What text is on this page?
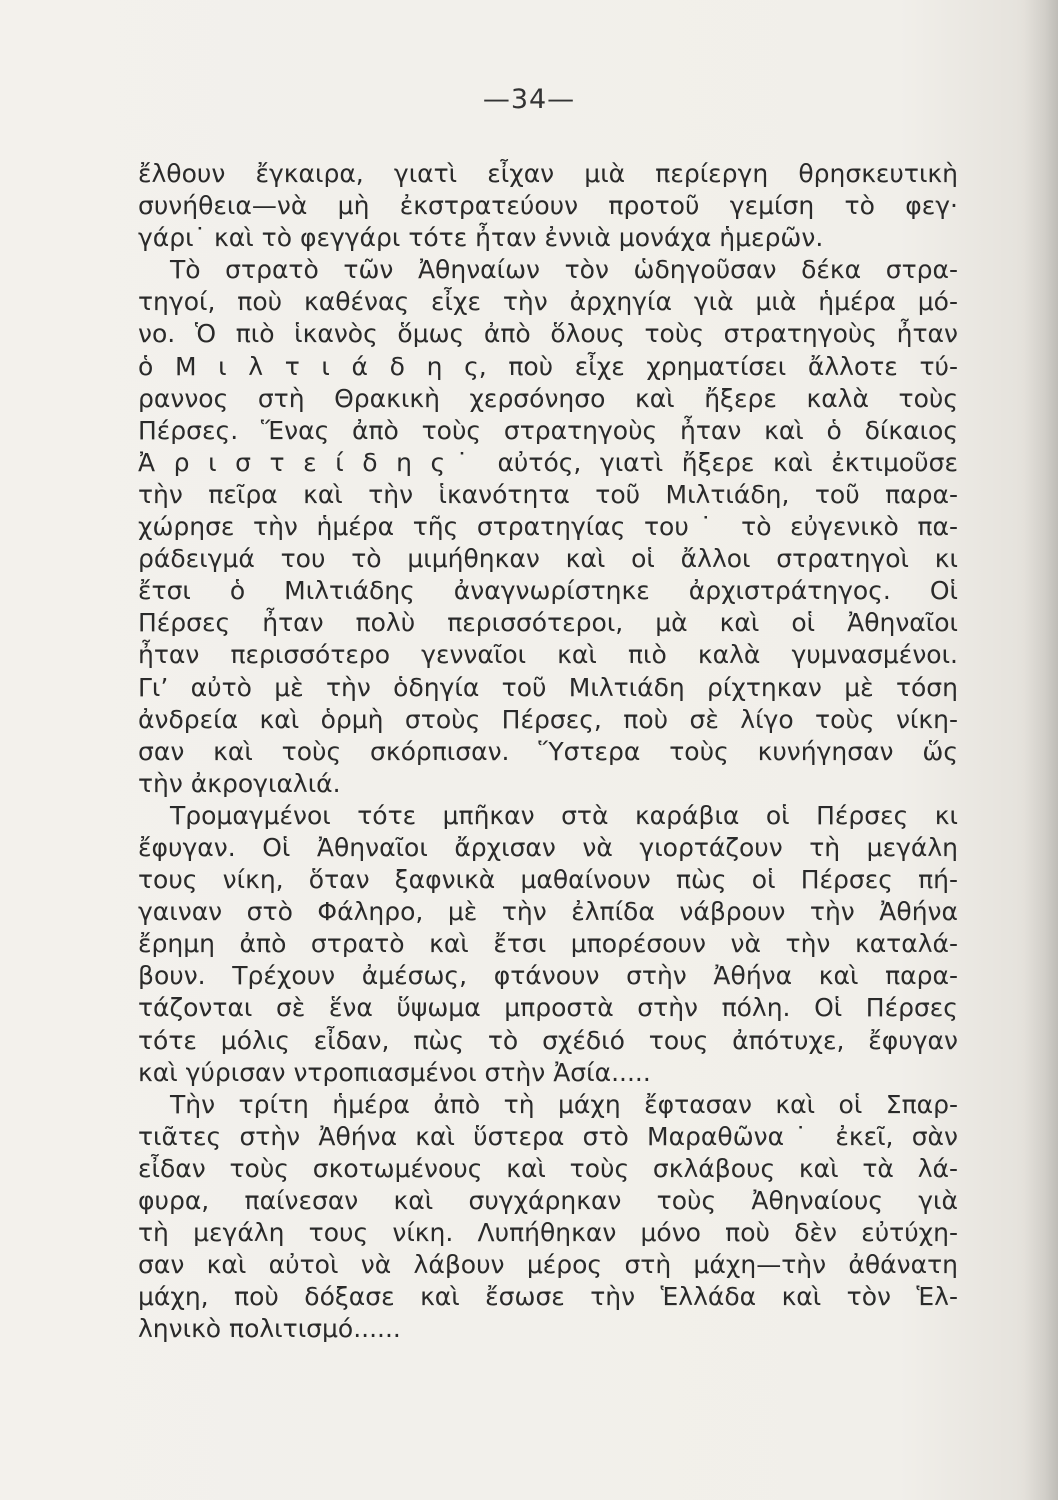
—34—
ἔλθουν ἔγκαιρα, γιατὶ εἶχαν μιὰ περίεργη θρησκευτικὴ
συνήθεια—νὰ μὴ ἐκστρατεύουν προτοῦ γεμίση τὸ φεγ·
γάρι˙ καὶ τὸ φεγγάρι τότε ἦταν ἐννιὰ μονάχα ἡμερῶν.
Τὸ στρατὸ τῶν Ἀθηναίων τὸν ὡδηγοῦσαν δέκα στρα-
τηγοί, ποὺ καθένας εἶχε τὴν ἀρχηγία γιὰ μιὰ ἡμέρα μό-
νο. Ὁ πιὸ ἱκανὸς ὅμως ἀπὸ ὅλους τοὺς στρατηγοὺς ἦταν
ὁ Μ ι λ τ ι ά δ η ς, ποὺ εἶχε χρηματίσει ἄλλοτε τύ-
ραννος στὴ Θρακικὴ χερσόνησο καὶ ἤξερε καλὰ τοὺς
Πέρσες. Ἕνας ἀπὸ τοὺς στρατηγοὺς ἦταν καὶ ὁ δίκαιος
Ἀ ρ ι σ τ ε ί δ η ς˙ αὐτός, γιατὶ ἤξερε καὶ ἐκτιμοῦσε
τὴν πεῖρα καὶ τὴν ἱκανότητα τοῦ Μιλτιάδη, τοῦ παρα-
χώρησε τὴν ἡμέρα τῆς στρατηγίας του˙ τὸ εὐγενικὸ πα-
ράδειγμά του τὸ μιμήθηκαν καὶ οἱ ἄλλοι στρατηγοὶ κι
ἔτσι ὁ Μιλτιάδης ἀναγνωρίστηκε ἀρχιστράτηγος. Οἱ
Πέρσες ἦταν πολὺ περισσότεροι, μὰ καὶ οἱ Ἀθηναῖοι
ἦταν περισσότερο γενναῖοι καὶ πιὸ καλὰ γυμνασμένοι.
Γι’ αὐτὸ μὲ τὴν ὁδηγία τοῦ Μιλτιάδη ρίχτηκαν μὲ τόση
ἀνδρεία καὶ ὁρμὴ στοὺς Πέρσες, ποὺ σὲ λίγο τοὺς νίκη-
σαν καὶ τοὺς σκόρπισαν. Ὕστερα τοὺς κυνήγησαν ὥς
τὴν ἀκρογιαλιά.
Τρομαγμένοι τότε μπῆκαν στὰ καράβια οἱ Πέρσες κι
ἔφυγαν. Οἱ Ἀθηναῖοι ἄρχισαν νὰ γιορτάζουν τὴ μεγάλη
τους νίκη, ὅταν ξαφνικὰ μαθαίνουν πὼς οἱ Πέρσες πή-
γαιναν στὸ Φάληρο, μὲ τὴν ἐλπίδα νάβρουν τὴν Ἀθήνα
ἔρημη ἀπὸ στρατὸ καὶ ἔτσι μπορέσουν νὰ τὴν καταλά-
βουν. Τρέχουν ἀμέσως, φτάνουν στὴν Ἀθήνα καὶ παρα-
τάζονται σὲ ἕνα ὕψωμα μπροστὰ στὴν πόλη. Οἱ Πέρσες
τότε μόλις εἶδαν, πὼς τὸ σχέδιό τους ἀπότυχε, ἔφυγαν
καὶ γύρισαν ντροπιασμένοι στὴν Ἀσία.....
Τὴν τρίτη ἡμέρα ἀπὸ τὴ μάχη ἔφτασαν καὶ οἱ Σπαρ-
τιᾶτες στὴν Ἀθήνα καὶ ὕστερα στὸ Μαραθῶνα˙ ἐκεῖ, σὰν
εἶδαν τοὺς σκοτωμένους καὶ τοὺς σκλάβους καὶ τὰ λά-
φυρα, παίνεσαν καὶ συγχάρηκαν τοὺς Ἀθηναίους γιὰ
τὴ μεγάλη τους νίκη. Λυπήθηκαν μόνο ποὺ δὲν εὐτύχη-
σαν καὶ αὐτοὶ νὰ λάβουν μέρος στὴ μάχη—τὴν ἀθάνατη
μάχη, ποὺ δόξασε καὶ ἔσωσε τὴν Ἑλλάδα καὶ τὸν Ἑλ-
ληνικὸ πολιτισμό......
